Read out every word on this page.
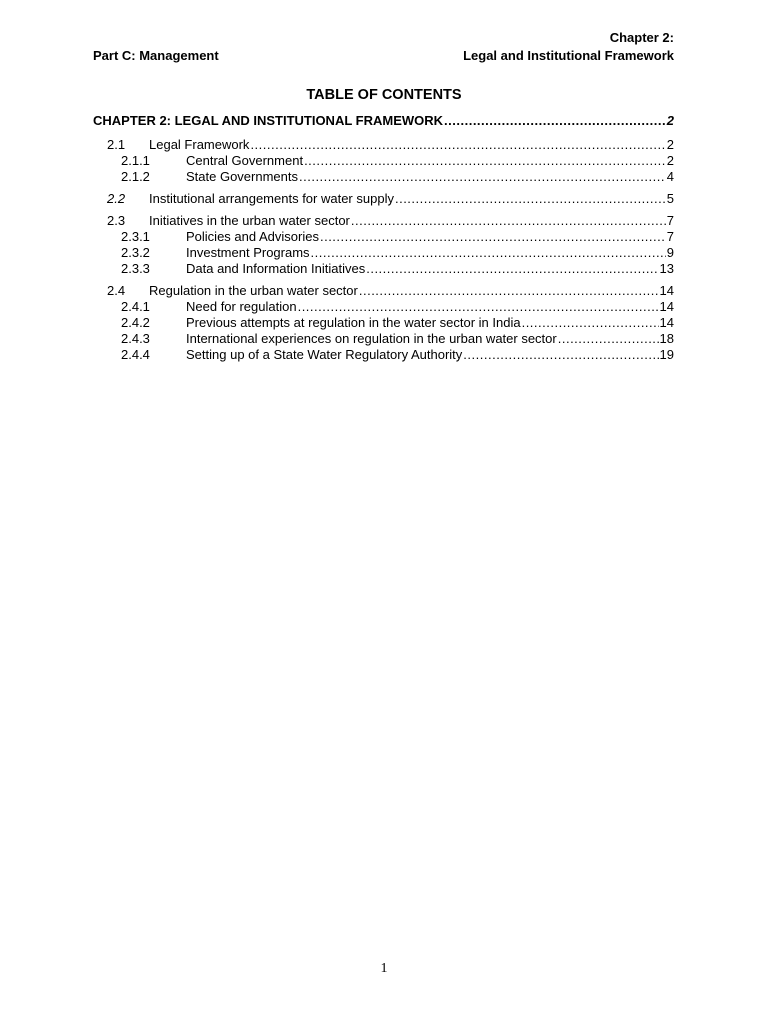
Chapter 2:
Part C: Management	Legal and Institutional Framework
TABLE OF CONTENTS
CHAPTER 2: LEGAL AND INSTITUTIONAL FRAMEWORK .....	2
2.1	Legal Framework .....	2
2.1.1	Central Government .....	2
2.1.2	State Governments .....	4
2.2	Institutional arrangements for water supply .....	5
2.3	Initiatives in the urban water sector .....	7
2.3.1	Policies and Advisories .....	7
2.3.2	Investment Programs .....	9
2.3.3	Data and Information Initiatives .....	13
2.4	Regulation in the urban water sector .....	14
2.4.1	Need for regulation .....	14
2.4.2	Previous attempts at regulation in the water sector in India .....	14
2.4.3	International experiences on regulation in the urban water sector .....	18
2.4.4	Setting up of a State Water Regulatory Authority .....	19
1
